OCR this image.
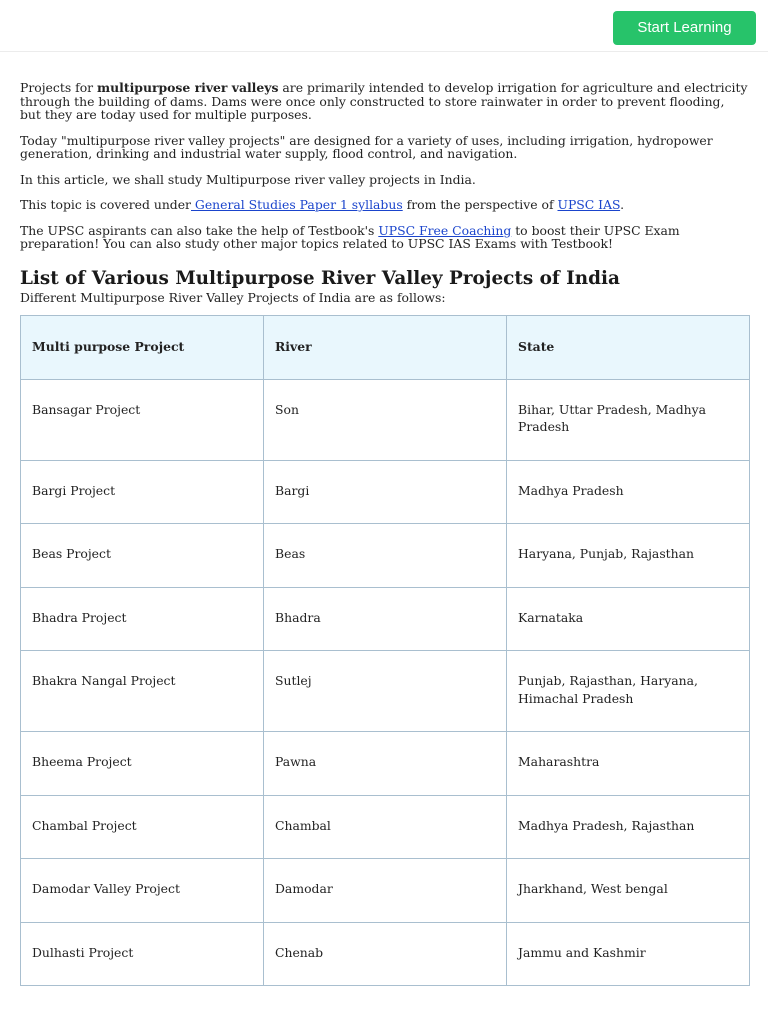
Start Learning

Projects for multipurpose river valleys are primarily intended to develop irrigation for agriculture and electricity through the building of dams. Dams were once only constructed to store rainwater in order to prevent flooding, but they are today used for multiple purposes.

Today "multipurpose river valley projects" are designed for a variety of uses, including irrigation, hydropower generation, drinking and industrial water supply, flood control, and navigation.

In this article, we shall study Multipurpose river valley projects in India.

This topic is covered under General Studies Paper 1 syllabus from the perspective of UPSC IAS.

The UPSC aspirants can also take the help of Testbook's UPSC Free Coaching to boost their UPSC Exam preparation! You can also study other major topics related to UPSC IAS Exams with Testbook!

List of Various Multipurpose River Valley Projects of India

Different Multipurpose River Valley Projects of India are as follows:

Multi purpose Project	River	State
Bansagar Project	Son	Bihar, Uttar Pradesh, Madhya Pradesh
Bargi Project	Bargi	Madhya Pradesh
Beas Project	Beas	Haryana, Punjab, Rajasthan
Bhadra Project	Bhadra	Karnataka
Bhakra Nangal Project	Sutlej	Punjab, Rajasthan, Haryana, Himachal Pradesh
Bheema Project	Pawna	Maharashtra
Chambal Project	Chambal	Madhya Pradesh, Rajasthan
Damodar Valley Project	Damodar	Jharkhand, West bengal
Dulhasti Project	Chenab	Jammu and Kashmir
